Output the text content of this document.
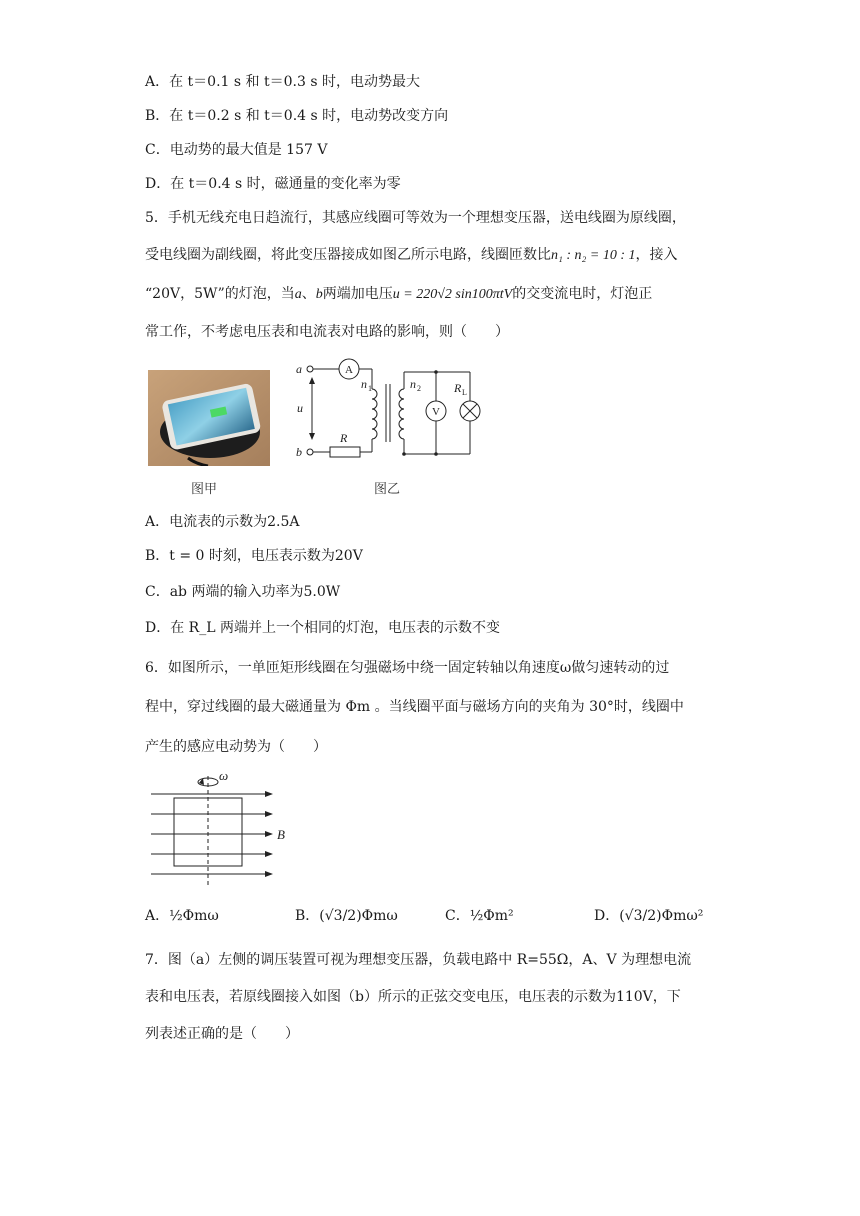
A．在 t＝0.1 s 和 t＝0.3 s 时，电动势最大
B．在 t＝0.2 s 和 t＝0.4 s 时，电动势改变方向
C．电动势的最大值是 157 V
D．在 t＝0.4 s 时，磁通量的变化率为零
5．手机无线充电日趋流行，其感应线圈可等效为一个理想变压器，送电线圈为原线圈，
受电线圈为副线圈，将此变压器接成如图乙所示电路，线圈匝数比n₁ : n₂ = 10 : 1，接入
“20V，5W”的灯泡，当a、b两端加电压u = 220√2 sin100πtV的交变流电时，灯泡正
常工作，不考虑电压表和电流表对电路的影响，则（　　）
图甲
a
b
u
R
n	n	R
1	2	L
A
V
图乙
A．电流表的示数为2.5A
B．t = 0 时刻，电压表示数为20V
C．ab 两端的输入功率为5.0W
D．在 R_L 两端并上一个相同的灯泡，电压表的示数不变
6．如图所示，一单匝矩形线圈在匀强磁场中绕一固定转轴以角速度ω做匀速转动的过
程中，穿过线圈的最大磁通量为 Φm 。当线圈平面与磁场方向的夹角为 30°时，线圈中
产生的感应电动势为（　　）
ω
B
A．½Φmω	B．(√3/2)Φmω	C．½Φm²	D．(√3/2)Φmω²
7．图（a）左侧的调压装置可视为理想变压器，负载电路中 R=55Ω，A、V 为理想电流
表和电压表，若原线圈接入如图（b）所示的正弦交变电压，电压表的示数为110V，下
列表述正确的是（　　）
